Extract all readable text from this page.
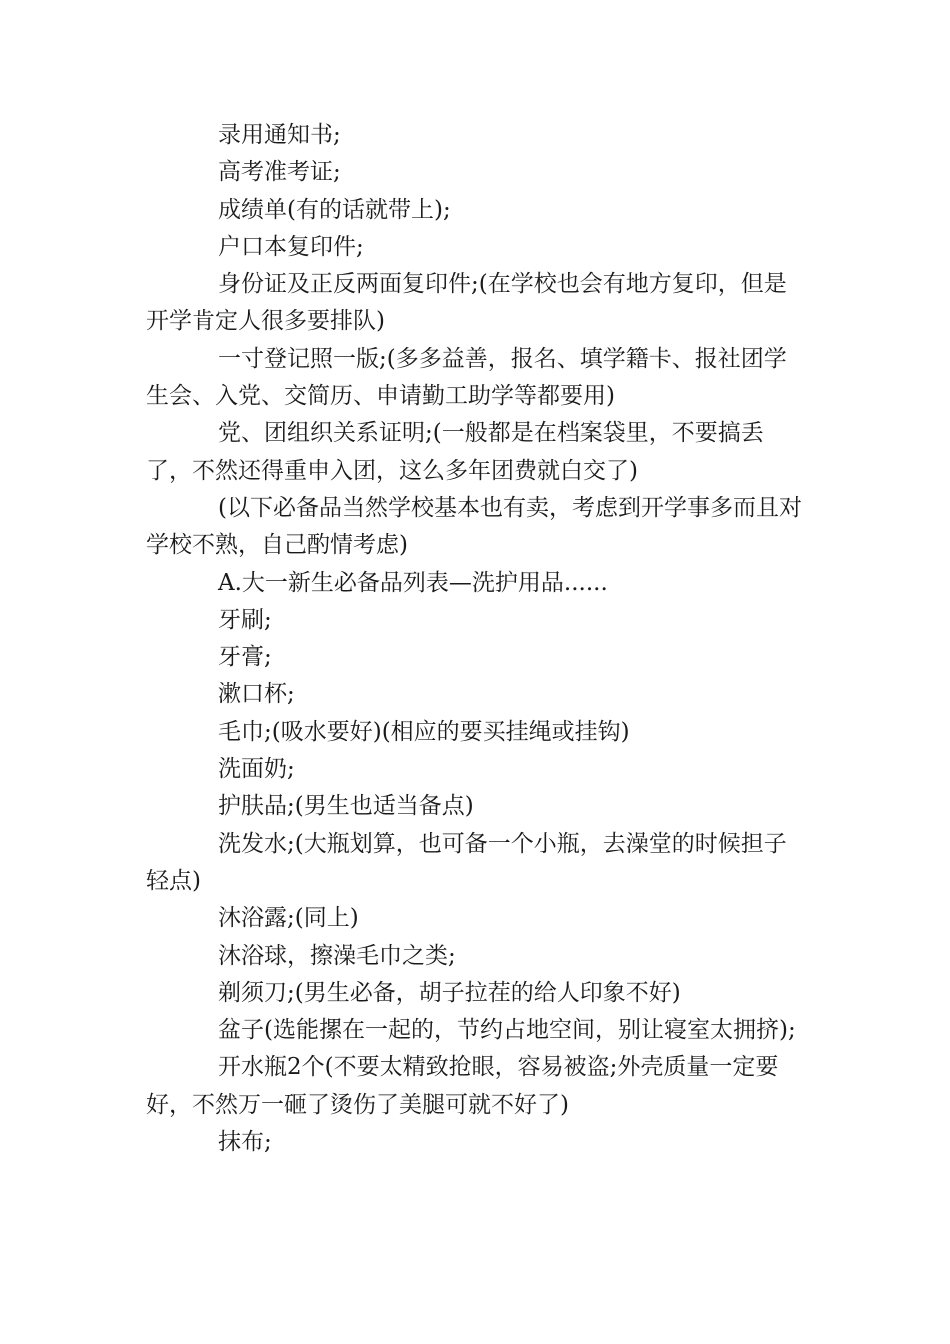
录用通知书;

高考准考证;

成绩单(有的话就带上);

户口本复印件;

身份证及正反两面复印件;(在学校也会有地方复印，但是开学肯定人很多要排队)

一寸登记照一版;(多多益善，报名、填学籍卡、报社团学生会、入党、交简历、申请勤工助学等都要用)

党、团组织关系证明;(一般都是在档案袋里，不要搞丢了，不然还得重申入团，这么多年团费就白交了)

(以下必备品当然学校基本也有卖，考虑到开学事多而且对学校不熟，自己酌情考虑)

A.大一新生必备品列表—洗护用品......

牙刷;

牙膏;

漱口杯;

毛巾;(吸水要好)(相应的要买挂绳或挂钩)

洗面奶;

护肤品;(男生也适当备点)

洗发水;(大瓶划算，也可备一个小瓶，去澡堂的时候担子轻点)

沐浴露;(同上)

沐浴球，擦澡毛巾之类;

剃须刀;(男生必备，胡子拉茬的给人印象不好)

盆子(选能摞在一起的，节约占地空间，别让寝室太拥挤);

开水瓶2个(不要太精致抢眼，容易被盗;外壳质量一定要好，不然万一砸了烫伤了美腿可就不好了)

抹布;
